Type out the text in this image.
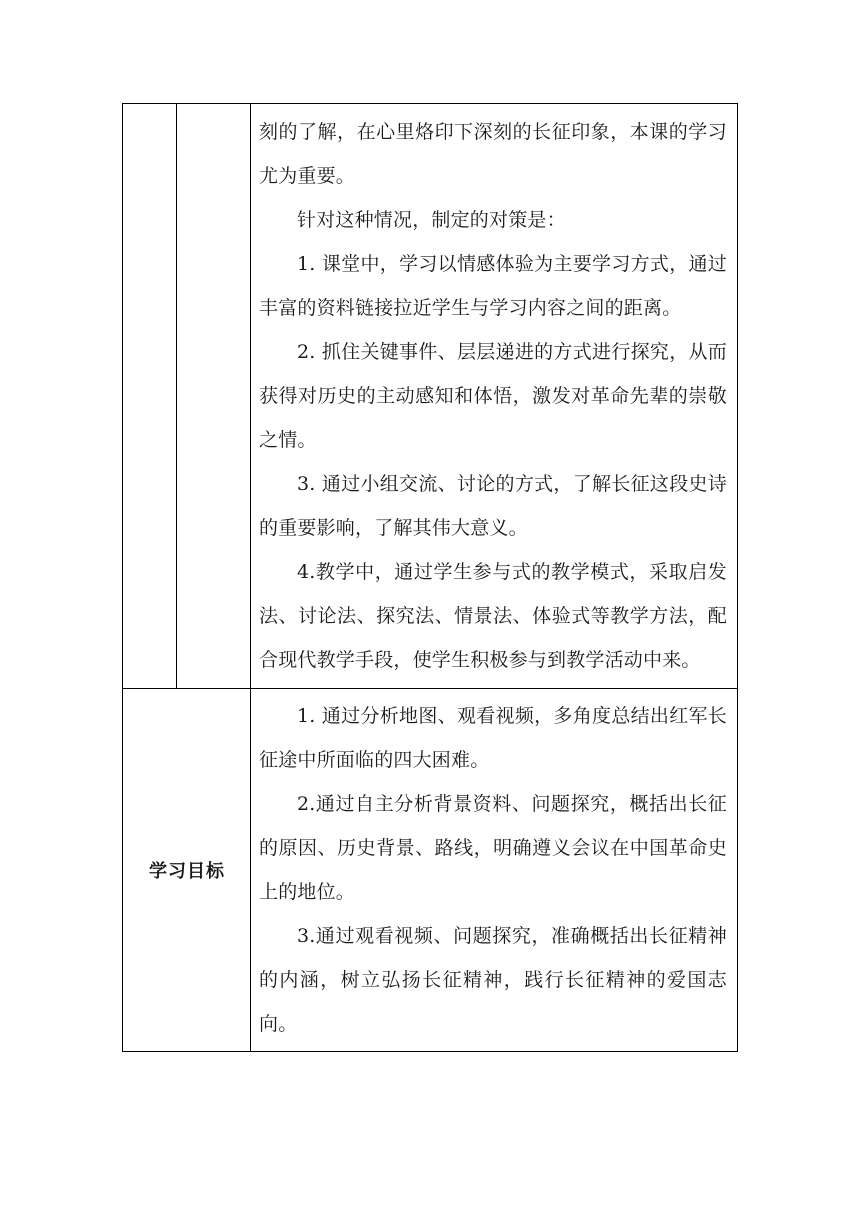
刻的了解，在心里烙印下深刻的长征印象，本课的学习尤为重要。

针对这种情况，制定的对策是：

1. 课堂中，学习以情感体验为主要学习方式，通过丰富的资料链接拉近学生与学习内容之间的距离。

2. 抓住关键事件、层层递进的方式进行探究，从而获得对历史的主动感知和体悟，激发对革命先辈的崇敬之情。

3. 通过小组交流、讨论的方式，了解长征这段史诗的重要影响，了解其伟大意义。

4.教学中，通过学生参与式的教学模式，采取启发法、讨论法、探究法、情景法、体验式等教学方法，配合现代教学手段，使学生积极参与到教学活动中来。

学习目标

1. 通过分析地图、观看视频，多角度总结出红军长征途中所面临的四大困难。

2.通过自主分析背景资料、问题探究，概括出长征的原因、历史背景、路线，明确遵义会议在中国革命史上的地位。

3.通过观看视频、问题探究，准确概括出长征精神的内涵，树立弘扬长征精神，践行长征精神的爱国志向。
